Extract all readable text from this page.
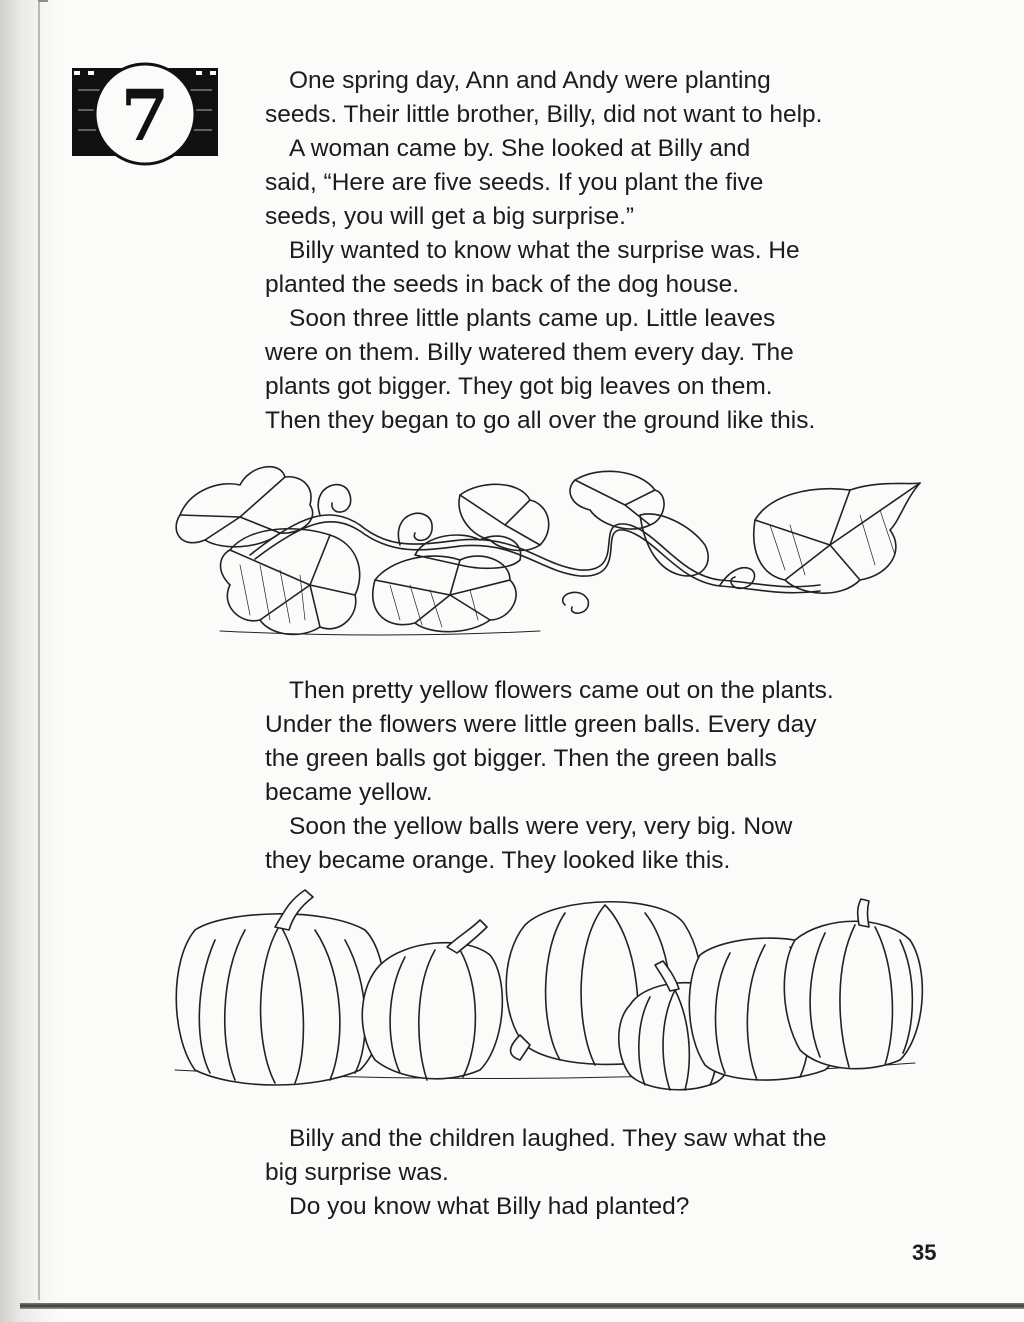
7	One spring day, Ann and Andy were planting
seeds. Their little brother, Billy, did not want to help.
A woman came by. She looked at Billy and
said, “Here are five seeds. If you plant the five
seeds, you will get a big surprise.”
Billy wanted to know what the surprise was. He
planted the seeds in back of the dog house.
Soon three little plants came up. Little leaves
were on them. Billy watered them every day. The
plants got bigger. They got big leaves on them.
Then they began to go all over the ground like this.
Then pretty yellow flowers came out on the plants.
Under the flowers were little green balls. Every day
the green balls got bigger. Then the green balls
became yellow.
Soon the yellow balls were very, very big. Now
they became orange. They looked like this.
Billy and the children laughed. They saw what the
big surprise was.
Do you know what Billy had planted?
35
